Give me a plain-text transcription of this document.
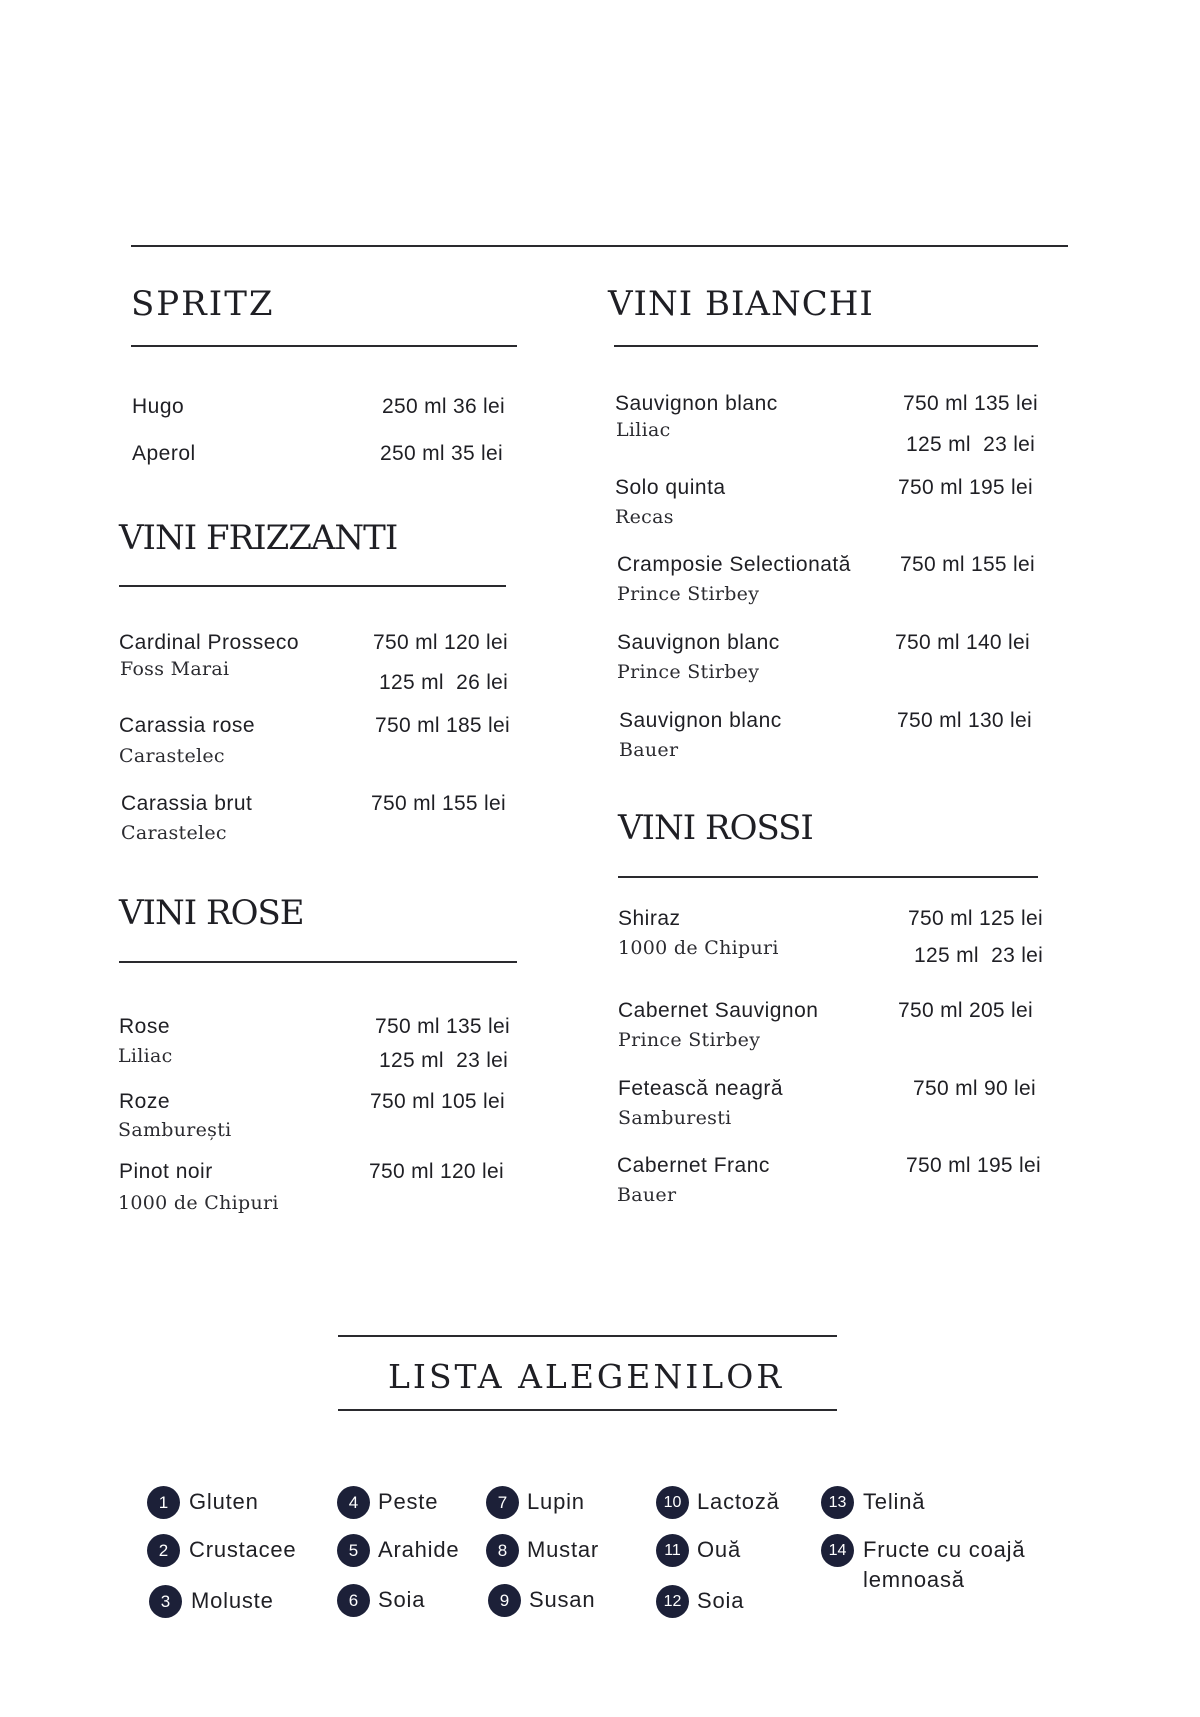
SPRITZ
Hugo	250 ml 36 lei
Aperol	250 ml 35 lei
VINI FRIZZANTI
Cardinal Prosseco
Foss Marai
750 ml 120 lei
125 ml  26 lei
Carassia rose
Carastelec
750 ml 185 lei
Carassia brut
Carastelec
750 ml 155 lei
VINI ROSE
Rose
Liliac
750 ml 135 lei
125 ml  23 lei
Roze
Samburești
750 ml 105 lei
Pinot noir
1000 de Chipuri
750 ml 120 lei
VINI BIANCHI
Sauvignon blanc
Liliac
750 ml 135 lei
125 ml  23 lei
Solo quinta
Recas
750 ml 195 lei
Cramposie Selectionată
Prince Stirbey
750 ml 155 lei
Sauvignon blanc
Prince Stirbey
750 ml 140 lei
Sauvignon blanc
Bauer
750 ml 130 lei
VINI ROSSI
Shiraz
1000 de Chipuri
750 ml 125 lei
125 ml  23 lei
Cabernet Sauvignon
Prince Stirbey
750 ml 205 lei
Fetească neagră
Samburesti
750 ml 90 lei
Cabernet Franc
Bauer
750 ml 195 lei
LISTA ALEGENILOR
1 Gluten
2 Crustacee
3 Moluste
4 Peste
5 Arahide
6 Soia
7 Lupin
8 Mustar
9 Susan
10 Lactoză
11 Ouă
12 Soia
13 Telină
14 Fructe cu coajă
lemnoasă
